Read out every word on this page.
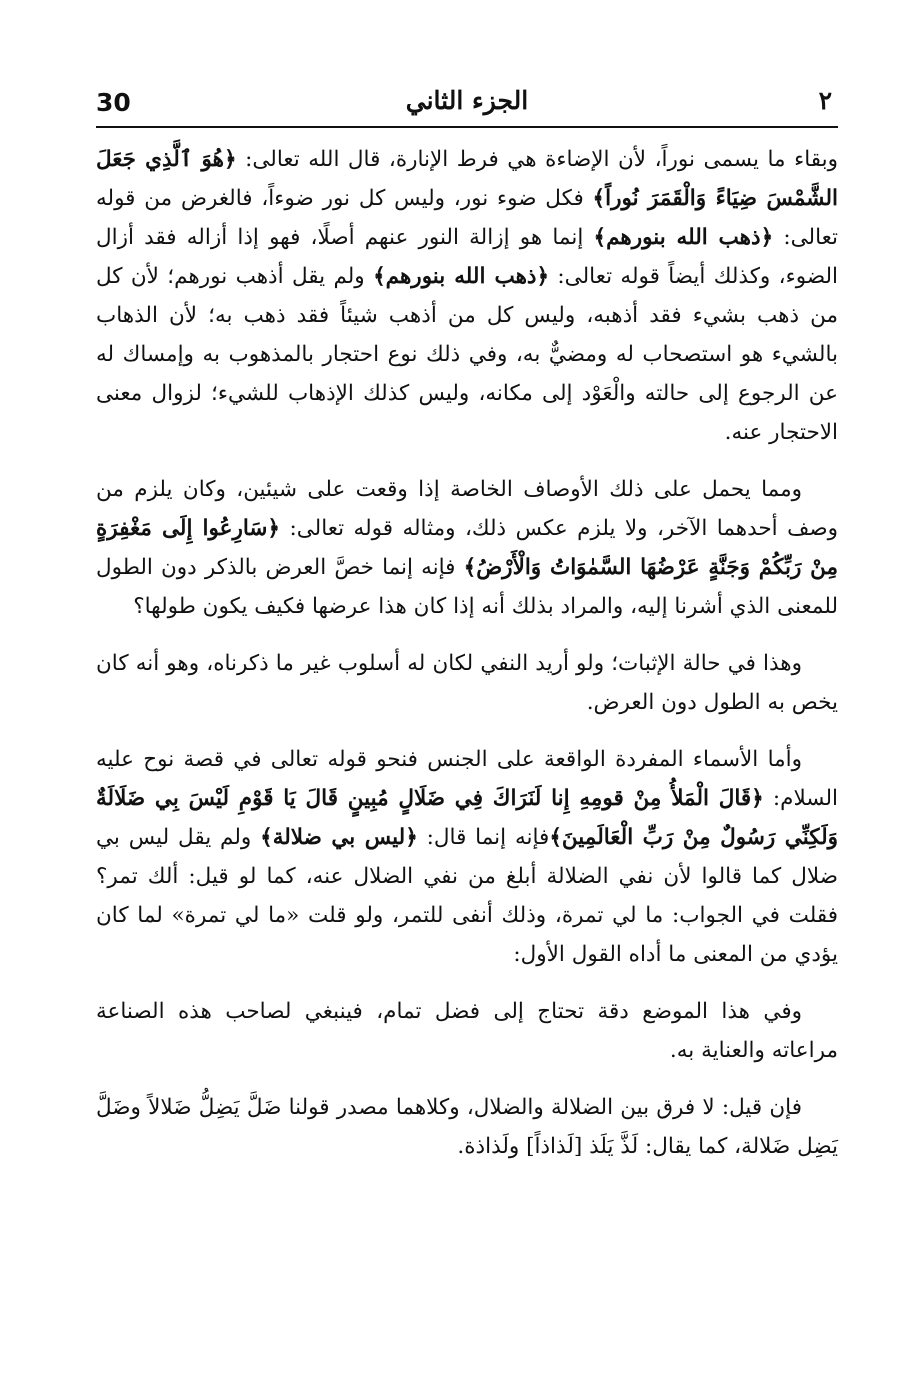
30	الجزء الثاني	٢

وبقاء ما يسمى نوراً، لأن الإضاءة هي فرط الإنارة، قال الله تعالى: ﴿هُوَ ٱلَّذِي جَعَلَ الشَّمْسَ ضِيَاءً وَالْقَمَرَ نُوراً﴾ فكل ضوء نور، وليس كل نور ضوءاً، فالغرض من قوله تعالى: ﴿ذهب الله بنورهم﴾ إنما هو إزالة النور عنهم أصلًا، فهو إذا أزاله فقد أزال الضوء، وكذلك أيضاً قوله تعالى: ﴿ذهب الله بنورهم﴾ ولم يقل أذهب نورهم؛ لأن كل من ذهب بشيء فقد أذهبه، وليس كل من أذهب شيئاً فقد ذهب به؛ لأن الذهاب بالشيء هو استصحاب له ومضيٌّ به، وفي ذلك نوع احتجار بالمذهوب به وإمساك له عن الرجوع إلى حالته والْعَوْد إلى مكانه، وليس كذلك الإذهاب للشيء؛ لزوال معنى الاحتجار عنه.

ومما يحمل على ذلك الأوصاف الخاصة إذا وقعت على شيئين، وكان يلزم من وصف أحدهما الآخر، ولا يلزم عكس ذلك، ومثاله قوله تعالى: ﴿سَارِعُوا إِلَى مَغْفِرَةٍ مِنْ رَبِّكُمْ وَجَنَّةٍ عَرْضُهَا السَّمٰوَاتُ وَالْأَرْضُ﴾ فإنه إنما خصَّ العرض بالذكر دون الطول للمعنى الذي أشرنا إليه، والمراد بذلك أنه إذا كان هذا عرضها فكيف يكون طولها؟

وهذا في حالة الإثبات؛ ولو أريد النفي لكان له أسلوب غير ما ذكرناه، وهو أنه كان يخص به الطول دون العرض.

وأما الأسماء المفردة الواقعة على الجنس فنحو قوله تعالى في قصة نوح عليه السلام: ﴿قَالَ الْمَلأُ مِنْ قومِهِ إِنا لَنَرَاكَ فِي ضَلَالٍ مُبِينٍ قَالَ يَا قَوْمِ لَيْسَ بِي ضَلَالَةٌ وَلَكِنِّي رَسُولٌ مِنْ رَبِّ الْعَالَمِينَ﴾فإنه إنما قال: ﴿ليس بي ضلالة﴾ ولم يقل ليس بي ضلال كما قالوا لأن نفي الضلالة أبلغ من نفي الضلال عنه، كما لو قيل: ألك تمر؟ فقلت في الجواب: ما لي تمرة، وذلك أنفى للتمر، ولو قلت «ما لي تمرة» لما كان يؤدي من المعنى ما أداه القول الأول:

وفي هذا الموضع دقة تحتاج إلى فضل تمام، فينبغي لصاحب هذه الصناعة مراعاته والعناية به.

فإن قيل: لا فرق بين الضلالة والضلال، وكلاهما مصدر قولنا ضَلَّ يَضِلُّ ضَلالاً وضَلَّ يَضِل ضَلالة، كما يقال: لَذَّ يَلَذ [لَذاذاً] ولَذاذة.
